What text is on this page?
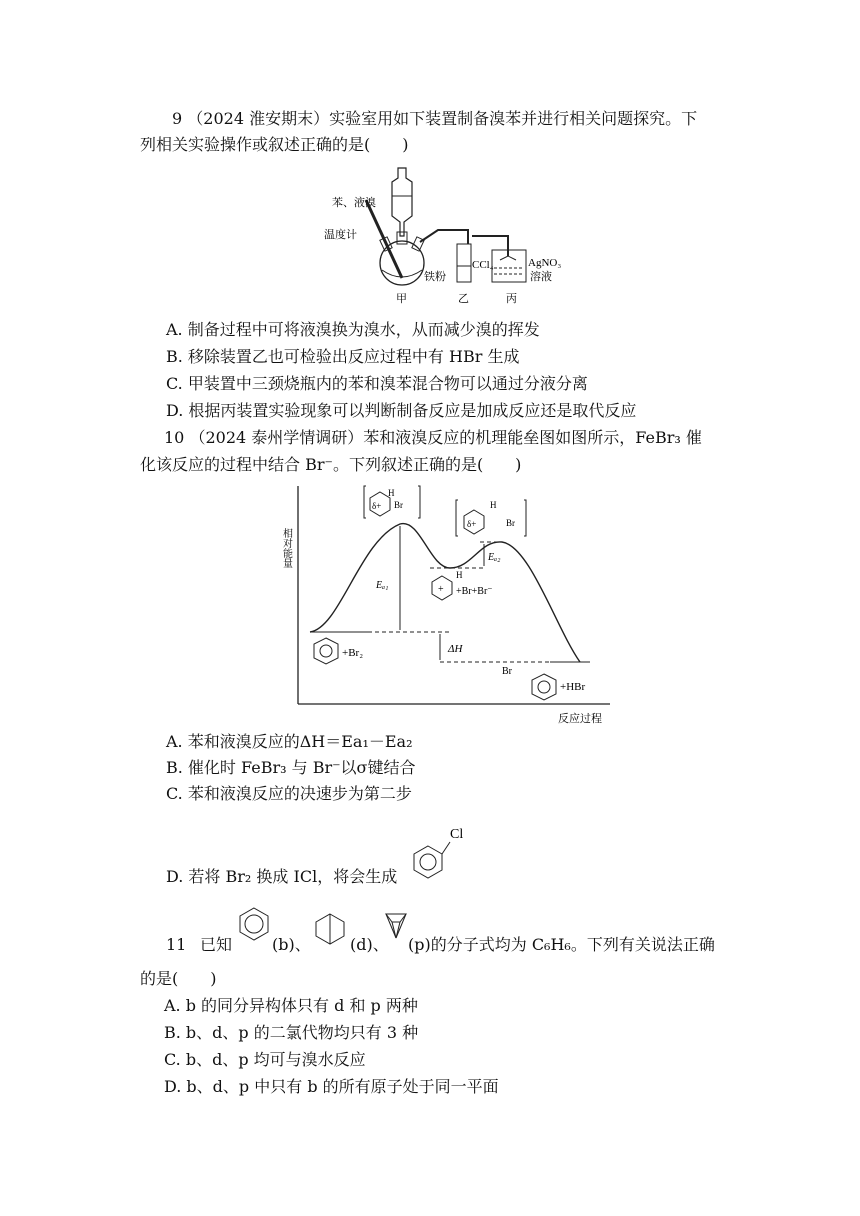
9 （2024 淮安期末）实验室用如下装置制备溴苯并进行相关问题探究。下
列相关实验操作或叙述正确的是(　　)
苯、液溴
温度计
铁粉
CCl₄	AgNO₃
溶液
甲	乙	丙
A. 制备过程中可将液溴换为溴水，从而减少溴的挥发
B. 移除装置乙也可检验出反应过程中有 HBr 生成
C. 甲装置中三颈烧瓶内的苯和溴苯混合物可以通过分液分离
D. 根据丙装置实验现象可以判断制备反应是加成反应还是取代反应
10 （2024 泰州学情调研）苯和液溴反应的机理能垒图如图所示，FeBr₃ 催
化该反应的过程中结合 Br⁻。下列叙述正确的是(　　)
相对能量
反应过程
Eₐ₁
Eₐ₂
ΔH
+Br₂
δ+
H
Br
δ+
H
Br
+
H
+Br+Br⁻
Br
+HBr
A. 苯和液溴反应的ΔH＝Ea₁－Ea₂
B. 催化时 FeBr₃ 与 Br⁻以σ键结合
C. 苯和液溴反应的决速步为第二步
D. 若将 Br₂ 换成 ICl，将会生成
Cl
11 已知 (b)、 (d)、 (p)的分子式均为 C₆H₆。下列有关说法正确
的是(　　)
A. b 的同分异构体只有 d 和 p 两种
B. b、d、p 的二氯代物均只有 3 种
C. b、d、p 均可与溴水反应
D. b、d、p 中只有 b 的所有原子处于同一平面
